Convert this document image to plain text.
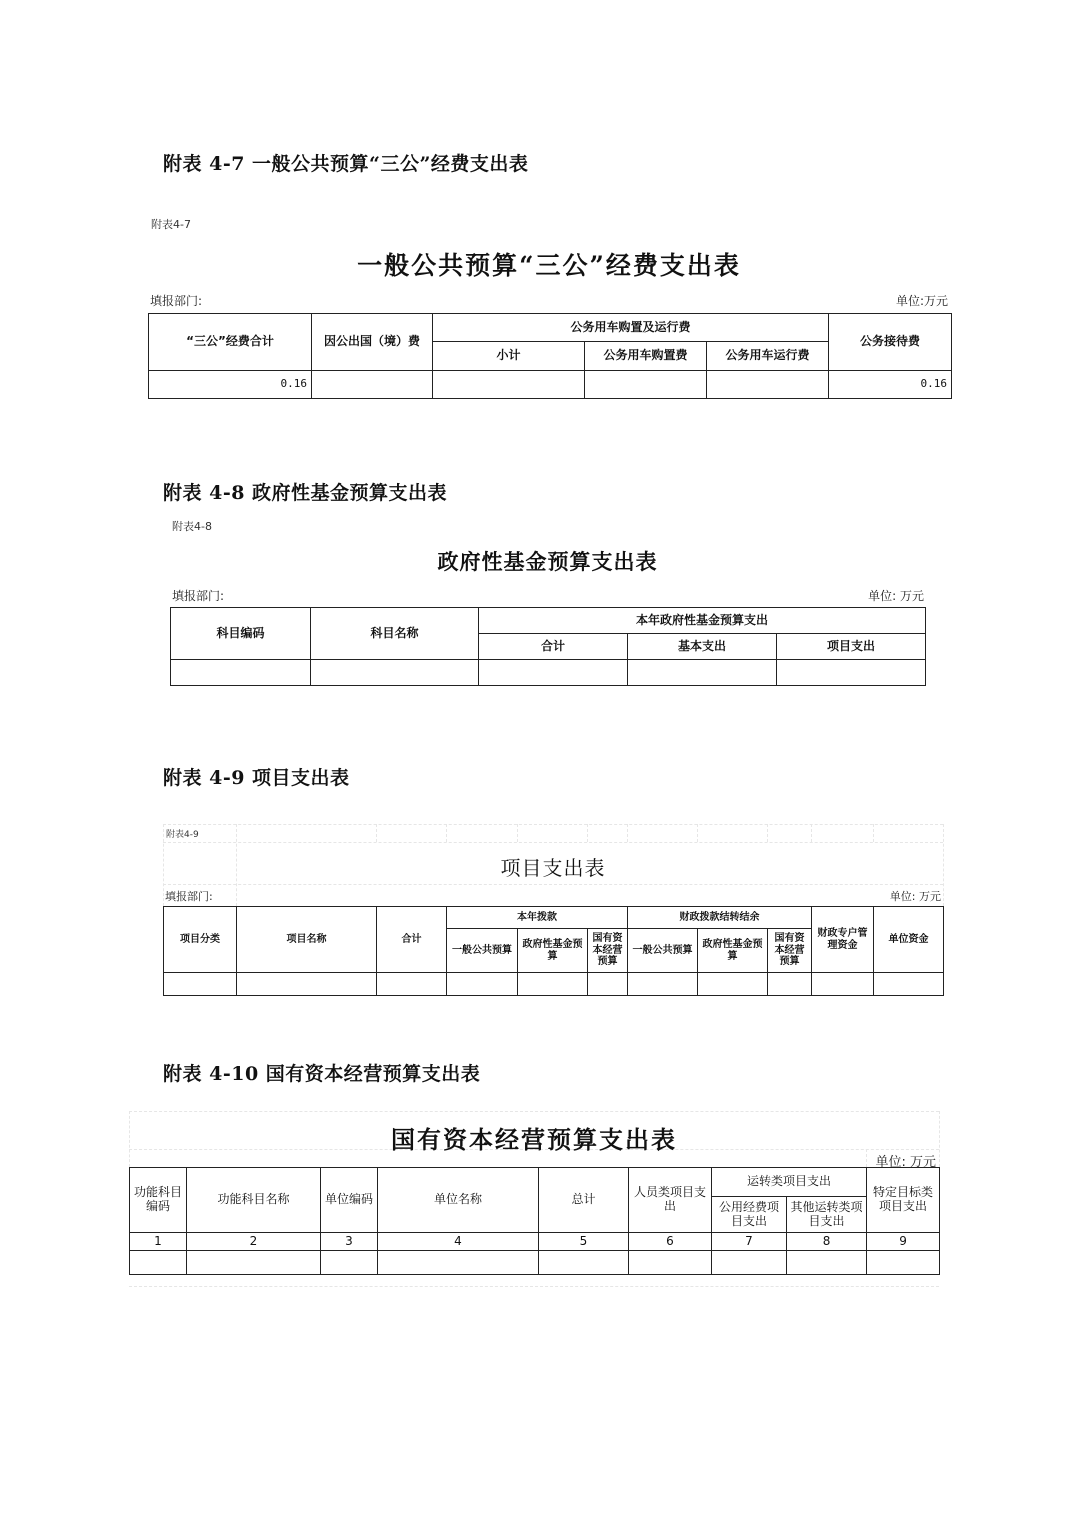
附表 4-7 一般公共预算“三公”经费支出表
附表4-7
一般公共预算“三公”经费支出表
填报部门:	单位:万元
“三公”经费合计	因公出国（境）费	公务用车购置及运行费			公务接待费
		小计	公务用车购置费	公务用车运行费	
0.16					0.16
附表 4-8 政府性基金预算支出表
附表4-8
政府性基金预算支出表
填报部门:	单位: 万元
科目编码	科目名称	本年政府性基金预算支出		
		合计	基本支出	项目支出

附表 4-9 项目支出表
附表4-9
项目支出表
填报部门:	单位: 万元
项目分类	项目名称	合计	本年拨款			财政拨款结转结余			财政专户管理资金	单位资金
			一般公共预算	政府性基金预算	国有资本经营预算	一般公共预算	政府性基金预算	国有资本经营预算		

附表 4-10 国有资本经营预算支出表
国有资本经营预算支出表
单位: 万元
功能科目编码	功能科目名称	单位编码	单位名称	总计	人员类项目支出	运转类项目支出		特定目标类项目支出
						公用经费项目支出	其他运转类项目支出	
1	2	3	4	5	6	7	8	9
